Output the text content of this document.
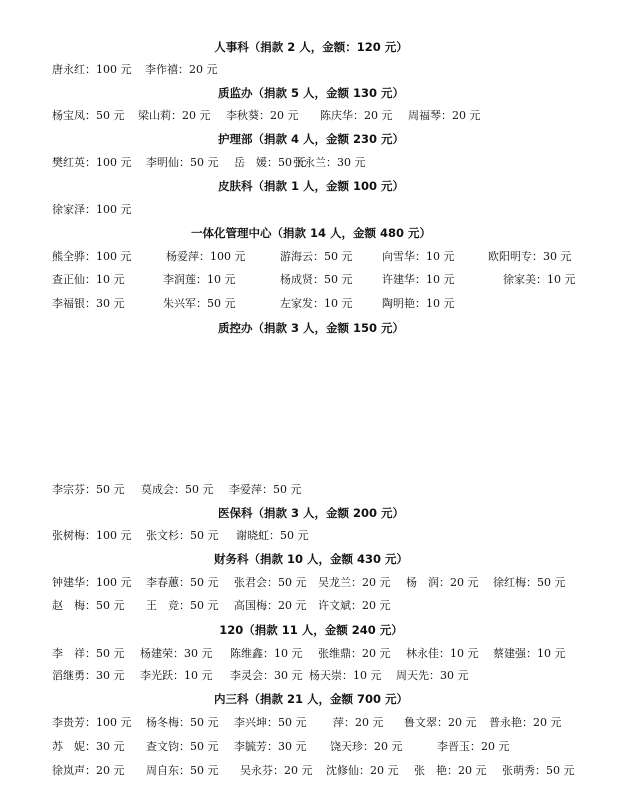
人事科（捐款 2 人，金额：120 元）
唐永红：100 元 李作禧：20 元
质监办（捐款 5 人，金额 130 元）
杨宝凤：50 元 梁山莉：20 元 李秋葵：20 元 陈庆华：20 元 周福琴：20 元
护理部（捐款 4 人，金额 230 元）
樊红英：100 元 李明仙：50 元 岳　媛：50 元
张永兰：30 元
皮肤科（捐款 1 人，金额 100 元）
徐家泽：100 元
一体化管理中心（捐款 14 人，金额 480 元）
熊全骅：100 元	杨爱萍：100 元	游海云：50 元	向雪华：10 元	欧阳明专：30 元
查正仙：10 元	李润莲：10 元	杨成贤：50 元	许建华：10 元	徐家美：10 元
李福银：30 元	朱兴军：50 元	左家发：10 元	陶明艳：10 元
质控办（捐款 3 人，金额 150 元）
李宗芬：50 元 莫成会：50 元 李爱萍：50 元
医保科（捐款 3 人，金额 200 元）
张树梅：100 元 张文杉：50 元 谢晓虹：50 元
财务科（捐款 10 人，金额 430 元）
钟建华：100 元 李春蕙：50 元 张君会：50 元 吴龙兰：20 元 杨　润：20 元 徐红梅：50 元
赵　梅：50 元 王　竞：50 元 高国梅：20 元 许文斌：20 元
120（捐款 11 人，金额 240 元）
李　祥：50 元 杨建荣：30 元 陈维鑫：10 元 张维鼎：20 元 林永佳：10 元 蔡建强：10 元
滔继勇：30 元 李光跃：10 元 李灵会：30 元 杨天崇：10 元 周天先：30 元
内三科（捐款 21 人，金额 700 元）
李贵芳：100 元 杨冬梅：50 元 李兴坤：50 元 萍：20 元 鲁文翠：20 元 普永艳：20 元
苏　妮：30 元 查文钧：50 元 李毓芳：30 元 饶天珍：20 元	李晋玉：20 元
徐岚声：20 元 周自东：50 元 吴永芬：20 元 沈修仙：20 元 张　艳：20 元 张萌秀：50 元
